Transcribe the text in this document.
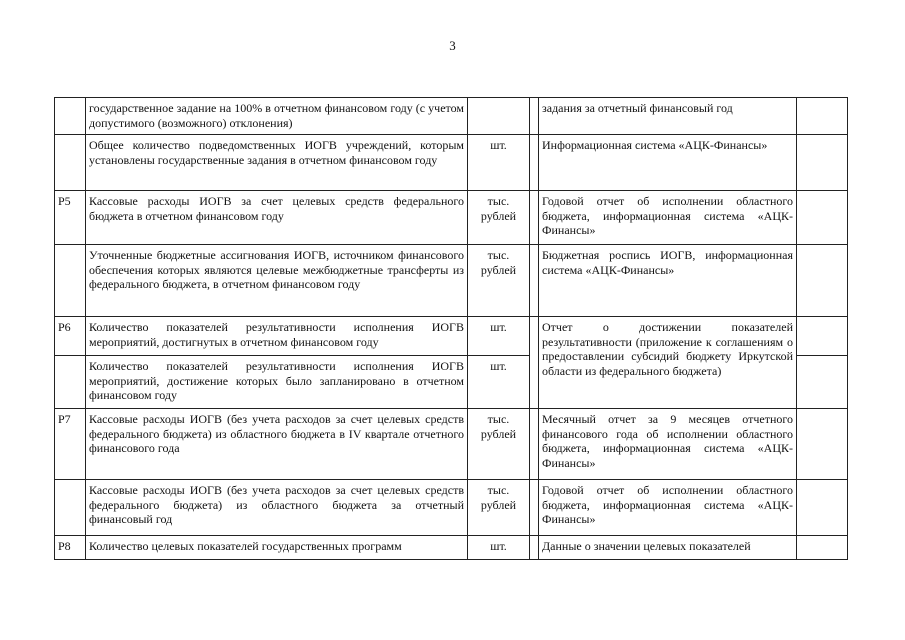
3
	государственное задание на 100% в отчетном финансовом году (с учетом допустимого (возможного) отклонения)			задания за отчетный финансовый год	
	Общее количество подведомственных ИОГВ учреждений, которым установлены государственные задания в отчетном финансовом году	шт.		Информационная система «АЦК-Финансы»	
Р5	Кассовые расходы ИОГВ за счет целевых средств федерального бюджета в отчетном финансовом году	тыс. рублей		Годовой отчет об исполнении областного бюджета, информационная система «АЦК-Финансы»	
	Уточненные бюджетные ассигнования ИОГВ, источником финансового обеспечения которых являются целевые межбюджетные трансферты из федерального бюджета, в отчетном финансовом году	тыс. рублей		Бюджетная роспись ИОГВ, информационная система «АЦК-Финансы»	
Р6	Количество показателей результативности исполнения ИОГВ мероприятий, достигнутых в отчетном финансовом году	шт.		Отчет о достижении показателей результативности (приложение к соглашениям о предоставлении субсидий бюджету Иркутской области из федерального бюджета)	
	Количество показателей результативности исполнения ИОГВ мероприятий, достижение которых было запланировано в отчетном финансовом году	шт.			
Р7	Кассовые расходы ИОГВ (без учета расходов за счет целевых средств федерального бюджета) из областного бюджета в IV квартале отчетного финансового года	тыс. рублей		Месячный отчет за 9 месяцев отчетного финансового года об исполнении областного бюджета, информационная система «АЦК-Финансы»	
	Кассовые расходы ИОГВ (без учета расходов за счет целевых средств федерального бюджета) из областного бюджета за отчетный финансовый год	тыс. рублей		Годовой отчет об исполнении областного бюджета, информационная система «АЦК-Финансы»	
Р8	Количество целевых показателей государственных программ	шт.		Данные о значении целевых показателей	
